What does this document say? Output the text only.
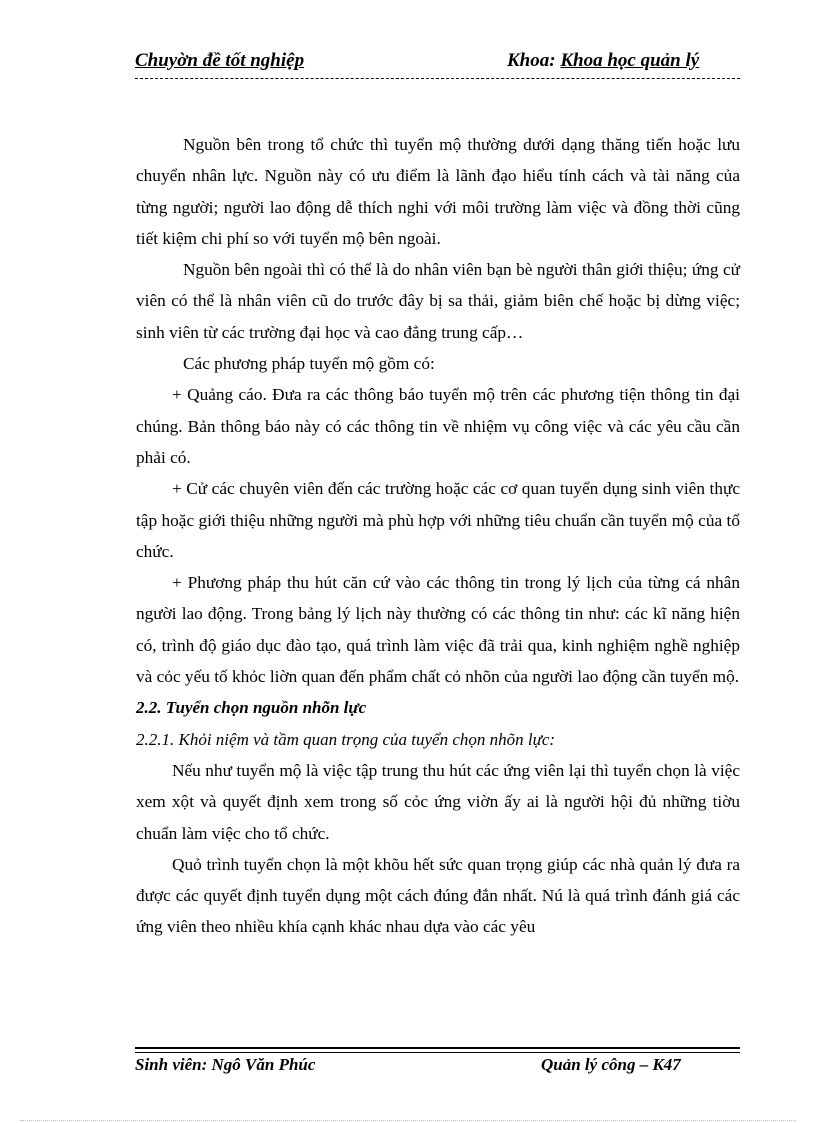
Chuyờn đề tốt nghiệp	Khoa: Khoa học quản lý

Nguồn bên trong tổ chức thì tuyển mộ thường dưới dạng thăng tiến hoặc lưu chuyển nhân lực. Nguồn này có ưu điểm là lãnh đạo hiểu tính cách và tài năng của từng người; người lao động dễ thích nghi với môi trường làm việc và đồng thời cũng tiết kiệm chi phí so với tuyển mộ bên ngoài.

Nguồn bên ngoài thì có thể là do nhân viên bạn bè người thân giới thiệu; ứng cử viên có thể là nhân viên cũ do trước đây bị sa thải, giảm biên chế hoặc bị dừng việc; sinh viên từ các trường đại học và cao đẳng trung cấp…

Các phương pháp tuyển mộ gồm có:

+ Quảng cáo. Đưa ra các thông báo tuyển mộ trên các phương tiện thông tin đại chúng. Bản thông báo này có các thông tin về nhiệm vụ công việc và các yêu cầu cần phải có.

+ Cử các chuyên viên đến các trường hoặc các cơ quan tuyển dụng sinh viên thực tập hoặc giới thiệu những người mà phù hợp với những tiêu chuẩn cần tuyển mộ của tổ chức.

+ Phương pháp thu hút căn cứ vào các thông tin trong lý lịch của từng cá nhân người lao động. Trong bảng lý lịch này thường có các thông tin như: các kĩ năng hiện có, trình độ giáo dục đào tạo, quá trình làm việc đã trải qua, kinh nghiệm nghề nghiệp và cỏc yếu tố khỏc liờn quan đến phẩm chất cỏ nhõn của người lao động cần tuyển mộ.

2.2. Tuyển chọn nguồn nhõn lực

2.2.1. Khỏi niệm và tầm quan trọng của tuyển chọn nhõn lực:

Nếu như tuyển mộ là việc tập trung thu hút các ứng viên lại thì tuyển chọn là việc xem xột và quyết định xem trong số cỏc ứng viờn ấy ai là người hội đủ những tiờu chuẩn làm việc cho tổ chức.

Quỏ trình tuyển chọn là một khõu hết sức quan trọng giúp các nhà quản lý đưa ra được các quyết định tuyển dụng một cách đúng đắn nhất. Nú là quá trình đánh giá các ứng viên theo nhiều khía cạnh khác nhau dựa vào các yêu

Sinh viên: Ngô Văn Phúc	Quản lý công – K47
